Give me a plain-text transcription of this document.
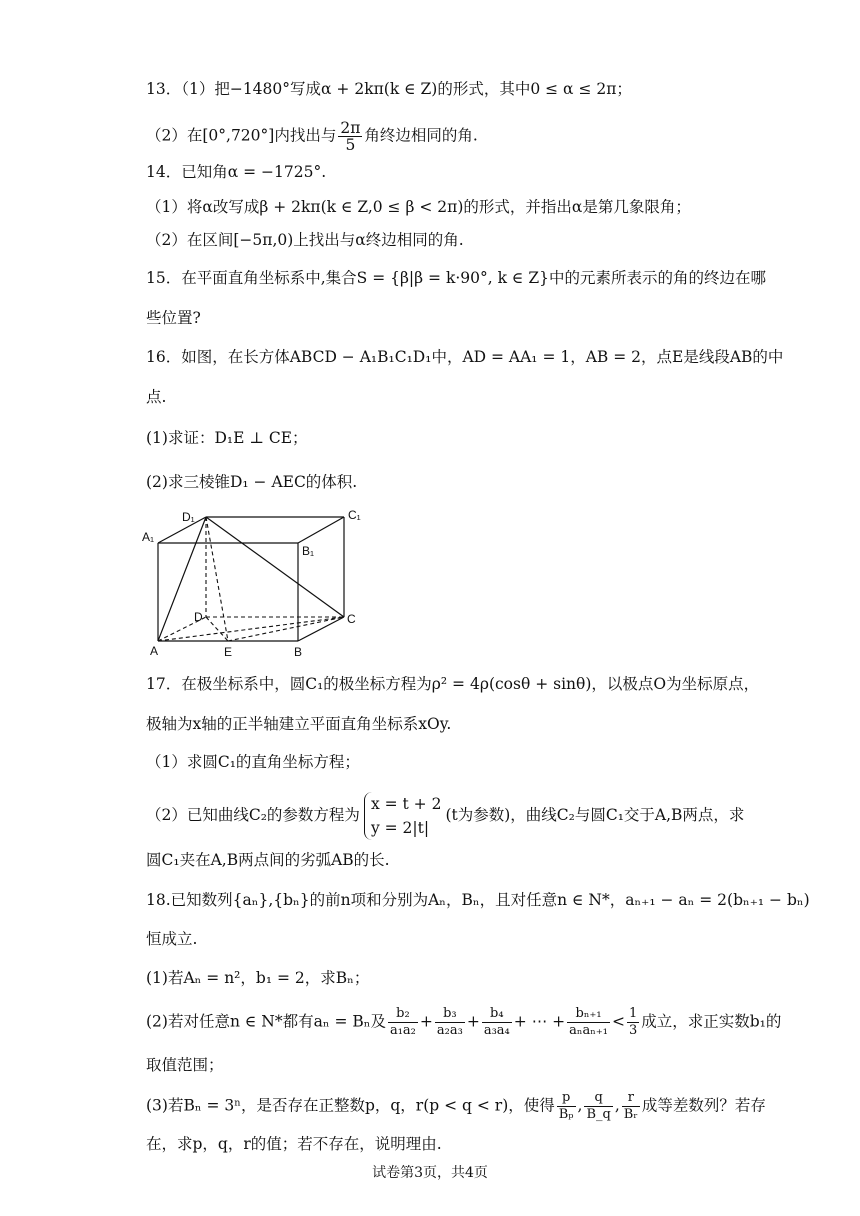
13．（1）把−1480°写成α + 2kπ(k ∈ Z)的形式，其中0 ≤ α ≤ 2π；
（2）在[0°,720°]内找出与 $\frac{2\pi}{5}$ 角终边相同的角.
14．已知角α = −1725°.
（1）将α改写成β + 2kπ(k ∈ Z,0 ≤ β < 2π)的形式，并指出α是第几象限角；
（2）在区间[−5π,0)上找出与α终边相同的角.
15．在平面直角坐标系中,集合S = {β|β = k·90°, k ∈ Z}中的元素所表示的角的终边在哪
些位置?
16．如图，在长方体ABCD − A₁B₁C₁D₁中，AD = AA₁ = 1，AB = 2，点E是线段AB的中
点.
(1)求证：D₁E ⊥ CE；
(2)求三棱锥D₁ − AEC的体积.
A₁
D₁	C₁
B₁
D	C
A	E	B
17．在极坐标系中，圆C₁的极坐标方程为ρ² = 4ρ(cosθ + sinθ)，以极点O为坐标原点，
极轴为x轴的正半轴建立平面直角坐标系xOy.
（1）求圆C₁的直角坐标方程；
（2）已知曲线C₂的参数方程为
x = t + 2
y = 2|t|
(t为参数)，曲线C₂与圆C₁交于A,B两点，求
圆C₁夹在A,B两点间的劣弧AB的长.
18.已知数列{aₙ},{bₙ}的前n项和分别为Aₙ，Bₙ，且对任意n ∈ N*，aₙ₊₁ − aₙ = 2(bₙ₊₁ − bₙ)
恒成立.
(1)若Aₙ = n²，b₁ = 2，求Bₙ；
(2)若对任意n ∈ N*都有aₙ = Bₙ及 $\frac{\text{b₂}}{\text{a₁a₂}} + \frac{\text{b₃}}{\text{a₂a₃}} + \frac{\text{b₄}}{\text{a₃a₄}}$ + ⋯ + $\frac{\text{bₙ₊₁}}{\text{aₙaₙ₊₁}} < \frac{1}{3}$ 成立，求正实数b₁的
取值范围；
(3)若Bₙ = 3ⁿ，是否存在正整数p，q，r(p < q < r)，使得 $\frac{p}{\text{Bₚ}}$ , $\frac{q}{B\_q}$ , $\frac{r}{\text{Bᵣ}}$ 成等差数列？若存
在，求p，q，r的值；若不存在，说明理由.
试卷第3页，共4页
